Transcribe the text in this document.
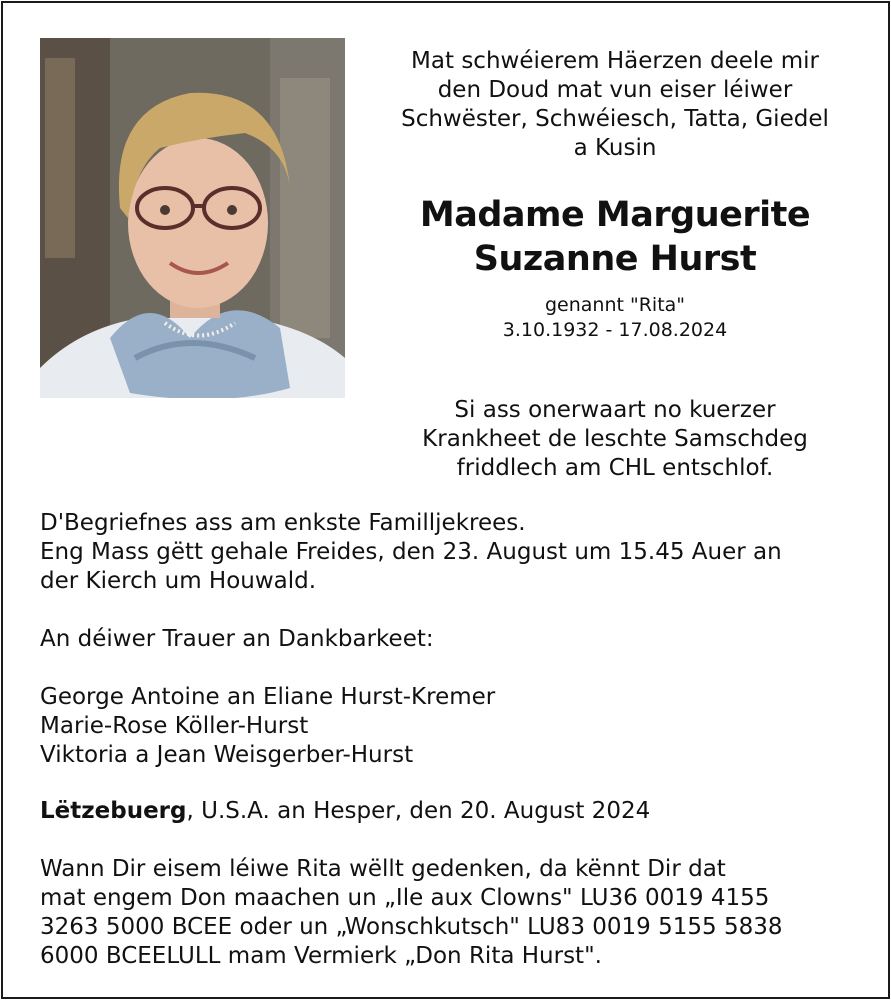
Mat schwéierem Häerzen deele mir
den Doud mat vun eiser léiwer
Schwëster, Schwéiesch, Tatta, Giedel
a Kusin

Madame Marguerite
Suzanne Hurst

genannt "Rita"

3.10.1932 - 17.08.2024

Si ass onerwaart no kuerzer
Krankheet de leschte Samschdeg
friddlech am CHL entschlof.

D'Begriefnes ass am enkste Familljekrees.
Eng Mass gëtt gehale Freides, den 23. August um 15.45 Auer an
der Kierch um Houwald.

An déiwer Trauer an Dankbarkeet:

George Antoine an Eliane Hurst-Kremer
Marie-Rose Köller-Hurst
Viktoria a Jean Weisgerber-Hurst

Lëtzebuerg, U.S.A. an Hesper, den 20. August 2024

Wann Dir eisem léiwe Rita wëllt gedenken, da kënnt Dir dat
mat engem Don maachen un „Ile aux Clowns" LU36 0019 4155
3263 5000 BCEE oder un „Wonschkutsch" LU83 0019 5155 5838
6000 BCEELULL mam Vermierk „Don Rita Hurst".
